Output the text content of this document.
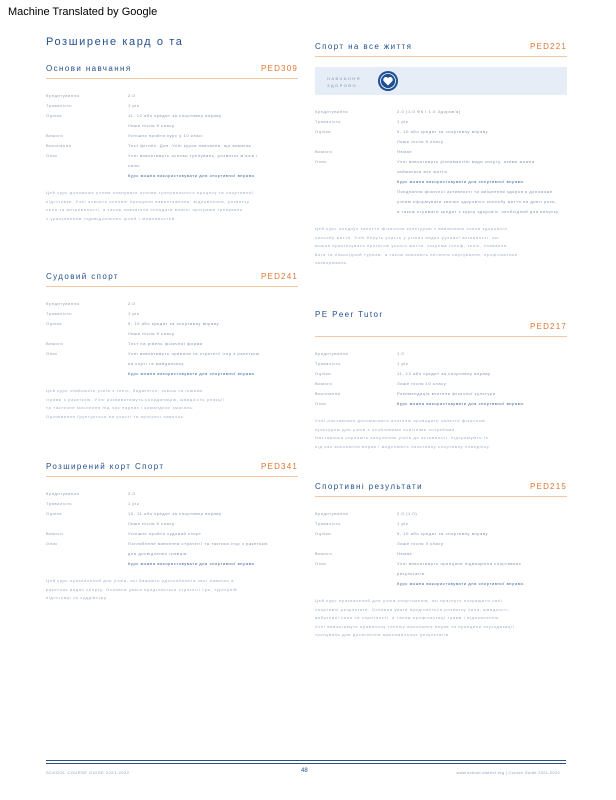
Machine Translated by Google
Розширене кард о та
Основи навчання	PED309
Кредитування	2.0
Тривалість	1 рік
Оцінки	11, 12 або кредит за спортивну вправу
Лише після 9 класу
Вимоги	Успішно пройти курс у 10 класі
Виконання	Тест фітнес. Доп. Усні курси навчання, що вимагає
Опис	Учні вивчатимуть основи тренувань, розвиток м'язів і
сили.
Курс можна використовувати для спортивної вправи.
Цей курс допоможе учням опанувати основи тренувального процесу та спортивної
підготовки. Учні освоять основні принципи навантаження, відновлення, розвитку
сили та витривалості, а також навчаться складати власні програми тренувань
з урахуванням індивідуальних цілей і можливостей.
Судовий спорт	PED241
Кредитування	2.0
Тривалість	1 рік
Оцінки	9, 10 або кредит за спортивну вправу
Лише після 9 класу
Вимоги	Тест на рівень фізичної форми
Опис	Учні вивчатимуть правила та стратегії ігор з ракеткою
на корті та майданчику.
Курс можна використовувати для спортивної вправи.
Цей курс знайомить учнів з теніс, бадмінтон, сквош та іншими
іграми з ракеткою. Учні розвиватимуть координацію, швидкість реакції
та тактичне мислення під час парних і командних змагань.
Оцінювання ґрунтується на участі та прогресі навичок.
Розширений корт Спорт	PED341
Кредитування	2.0
Тривалість	1 рік
Оцінки	10, 11 або кредит за спортивну вправу
Лише після 9 класу
Вимоги	Успішно пройти судовий спорт
Опис	Поглиблене вивчення стратегії та тактики ігор з ракеткою
для досвідчених гравців.
Курс можна використовувати для спортивної вправи.
Цей курс призначений для учнів, які бажають удосконалити свої навички в
ракетних видах спорту. Основна увага приділяється стратегії гри, турнірній
підготовці та суддівству.
Спорт на все життя	PED221
НАВЧАННЯ
ЗДОРОВО
Кредитування	2.0 (1.0 ФК і 1.0 Здоров'я)
Тривалість	1 рік
Оцінки	9, 10 або кредит за спортивну вправу
Лише після 9 класу
Вимоги	Немає
Опис	Учні вивчатимуть різноманітні види спорту, якими можна
займатися все життя.
Курс можна використовувати для спортивної вправи.
Поєднання фізичної активності та зміцнення здоров'я допоможе
учням сформувати звички здорового способу життя на довгі роки,
а також отримати кредит з курсу здоров'я, необхідний для випуску.
Цей курс поєднує заняття фізичною культурою з вивченням основ здорового
способу життя. Учні беруть участь у різних видах рухової активності, які
можна практикувати протягом усього життя, зокрема гольф, теніс, плавання,
йога та пішохідний туризм, а також вивчають питання харчування, профілактики
захворювань.
PE Peer Tutor
PED217
Кредитування	1.0
Тривалість	1 рік
Оцінки	11, 12 або кредит за спортивну вправу
Вимоги	Лише після 10 класу
Виконання	Рекомендація вчителя фізичної культури
Опис	Курс можна використовувати для спортивної вправи.
Учні-наставники допомагають вчителю проводити заняття фізичною
культурою для учнів з особливими освітніми потребами.
Наставники сприяють залученню учнів до активності, підтримують їх
під час виконання вправ і моделюють позитивну спортивну поведінку.
Спортивні результати	PED215
Кредитування	2.0 (1.0)
Тривалість	1 рік
Оцінки	9, 10 або кредит за спортивну вправу
Лише після 9 класу
Вимоги	Немає
Опис	Учні вивчатимуть принципи підвищення спортивних
результатів.
Курс можна використовувати для спортивної вправи.
Цей курс призначений для учнів-спортсменів, які прагнуть покращити свої
спортивні результати. Основна увага приділяється розвитку сили, швидкості,
вибухової сили та спритності, а також профілактиці травм і відновленню.
Учні вивчатимуть правильну техніку виконання вправ та принципи періодизації
тренувань для досягнення максимальних результатів.
SCHOOL COURSE GUIDE 2021-2022	48	www.school-district.org | Course Guide 2021-2022
